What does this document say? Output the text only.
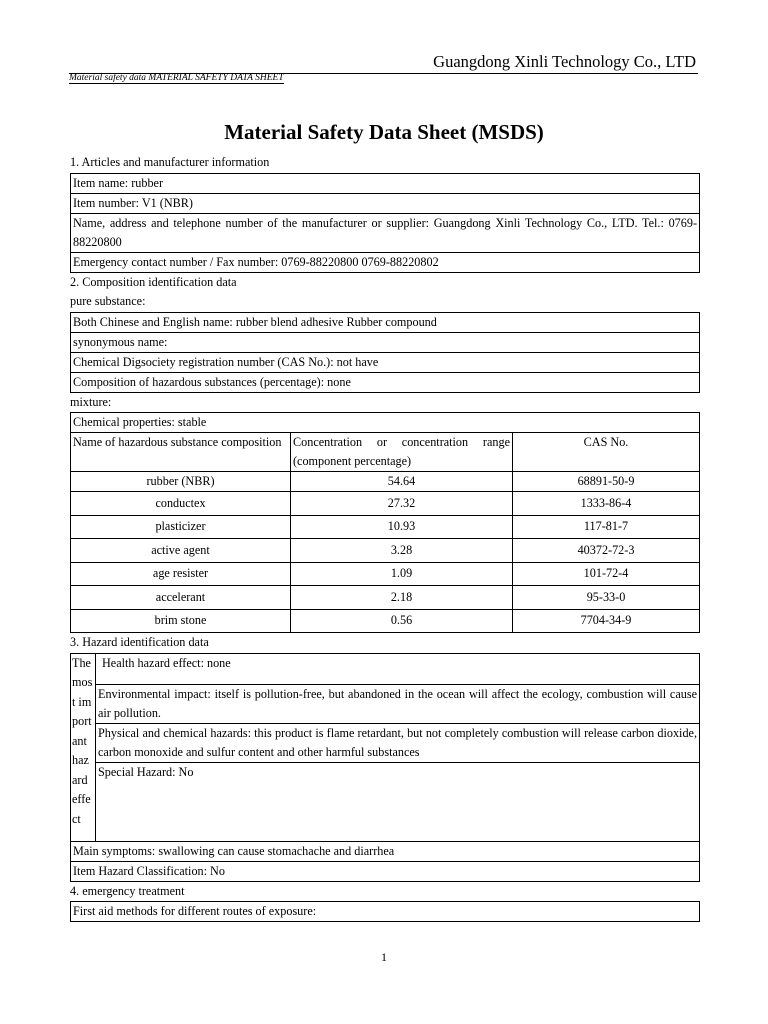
Guangdong Xinli Technology Co., LTD
Material safety data MATERIAL SAFETY DATA SHEET
Material Safety Data Sheet (MSDS)
1. Articles and manufacturer information
Item name: rubber
Item number: V1 (NBR)
Name, address and telephone number of the manufacturer or supplier: Guangdong Xinli Technology Co., LTD. Tel.: 0769-88220800
Emergency contact number / Fax number: 0769-88220800 0769-88220802
2. Composition identification data
pure substance:
Both Chinese and English name: rubber blend adhesive Rubber compound
synonymous name:
Chemical Digsociety registration number (CAS No.): not have
Composition of hazardous substances (percentage): none
mixture:
Chemical properties: stable		
Name of hazardous substance composition	Concentration or concentration range (component percentage)	CAS No.
rubber (NBR)	54.64	68891-50-9
conductex	27.32	1333-86-4
plasticizer	10.93	117-81-7
active agent	3.28	40372-72-3
age resister	1.09	101-72-4
accelerant	2.18	95-33-0
brim stone	0.56	7704-34-9
3. Hazard identification data
The most important hazard effect	Health hazard effect: none
Environmental impact: itself is pollution-free, but abandoned in the ocean will affect the ecology, combustion will cause air pollution.
Physical and chemical hazards: this product is flame retardant, but not completely combustion will release carbon dioxide, carbon monoxide and sulfur content and other harmful substances
Special Hazard: No
Main symptoms: swallowing can cause stomachache and diarrhea
Item Hazard Classification: No
4. emergency treatment
First aid methods for different routes of exposure:
1
